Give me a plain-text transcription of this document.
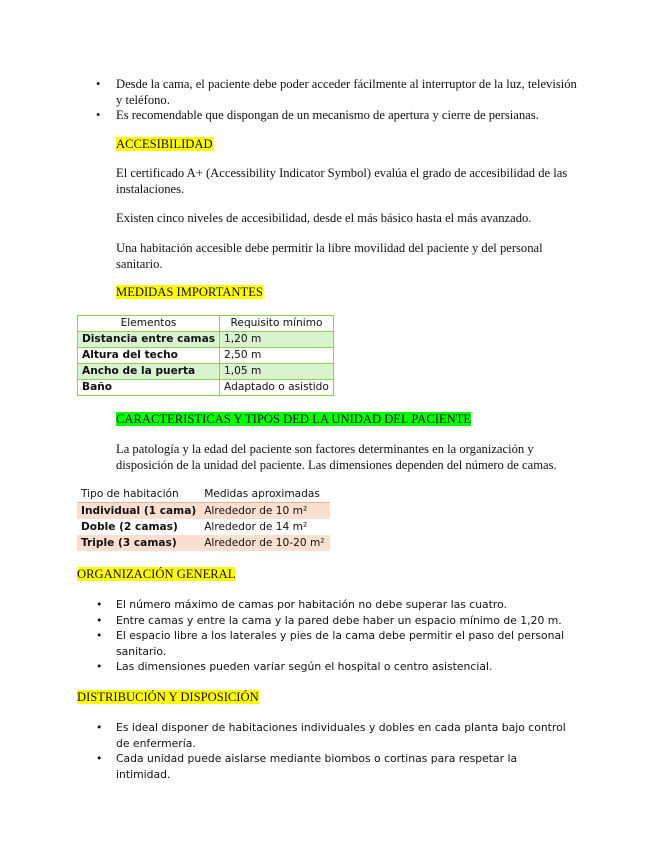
• Desde la cama, el paciente debe poder acceder fácilmente al interruptor de la luz, televisión y teléfono.
• Es recomendable que dispongan de un mecanismo de apertura y cierre de persianas.
ACCESIBILIDAD
El certificado A+ (Accessibility Indicator Symbol) evalúa el grado de accesibilidad de las instalaciones.
Existen cinco niveles de accesibilidad, desde el más básico hasta el más avanzado.
Una habitación accesible debe permitir la libre movilidad del paciente y del personal sanitario.
MEDIDAS IMPORTANTES
Elementos	Requisito mínimo
Distancia entre camas	1,20 m
Altura del techo	2,50 m
Ancho de la puerta	1,05 m
Baño	Adaptado o asistido
CARACTERISTICAS Y TIPOS DED LA UNIDAD DEL PACIENTE
La patología y la edad del paciente son factores determinantes en la organización y disposición de la unidad del paciente. Las dimensiones dependen del número de camas.
Tipo de habitación	Medidas aproximadas
Individual (1 cama)	Alrededor de 10 m²
Doble (2 camas)	Alrededor de 14 m²
Triple (3 camas)	Alrededor de 10-20 m²
ORGANIZACIÓN GENERAL
• El número máximo de camas por habitación no debe superar las cuatro.
• Entre camas y entre la cama y la pared debe haber un espacio mínimo de 1,20 m.
• El espacio libre a los laterales y pies de la cama debe permitir el paso del personal sanitario.
• Las dimensiones pueden variar según el hospital o centro asistencial.
DISTRIBUCIÓN Y DISPOSICIÓN
• Es ideal disponer de habitaciones individuales y dobles en cada planta bajo control de enfermería.
• Cada unidad puede aislarse mediante biombos o cortinas para respetar la intimidad.
